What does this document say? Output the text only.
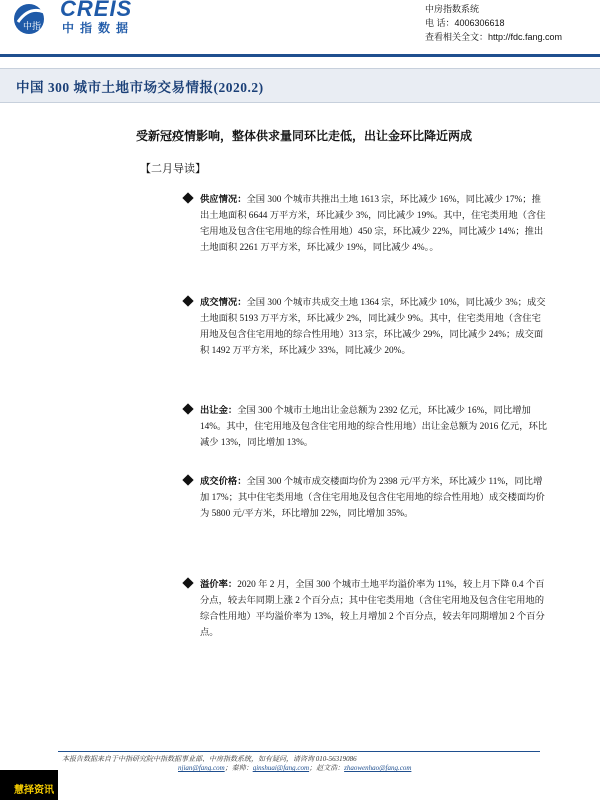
中指
CREIS
中指数据
中房指数系统
电 话：4006306618
查看相关全文：http://fdc.fang.com
中国 300 城市土地市场交易情报(2020.2)
受新冠疫情影响，整体供求量同环比走低，出让金环比降近两成
【二月导读】
供应情况：全国 300 个城市共推出土地 1613 宗，环比减少 16%，同比减少 17%；推出土地面积 6644 万平方米，环比减少 3%，同比减少 19%。其中，住宅类用地（含住宅用地及包含住宅用地的综合性用地）450 宗，环比减少 22%，同比减少 14%；推出土地面积 2261 万平方米，环比减少 19%，同比减少 4%。。
成交情况：全国 300 个城市共成交土地 1364 宗，环比减少 10%，同比减少 3%；成交土地面积 5193 万平方米，环比减少 2%，同比减少 9%。其中，住宅类用地（含住宅用地及包含住宅用地的综合性用地）313 宗，环比减少 29%，同比减少 24%；成交面积 1492 万平方米，环比减少 33%，同比减少 20%。
出让金：全国 300 个城市土地出让金总额为 2392 亿元，环比减少 16%，同比增加 14%。其中，住宅用地及包含住宅用地的综合性用地）出让金总额为 2016 亿元，环比减少 13%，同比增加 13%。
成交价格：全国 300 个城市成交楼面均价为 2398 元/平方米，环比减少 11%，同比增加 17%；其中住宅类用地（含住宅用地及包含住宅用地的综合性用地）成交楼面均价为 5800 元/平方米，环比增加 22%，同比增加 35%。
溢价率：2020 年 2 月，全国 300 个城市土地平均溢价率为 11%，较上月下降 0.4 个百分点，较去年同期上涨 2 个百分点；其中住宅类用地（含住宅用地及包含住宅用地的综合性用地）平均溢价率为 13%，较上月增加 2 个百分点，较去年同期增加 2 个百分点。
本报告数据来自于中指研究院中指数据事业部、中房指数系统，如有疑问，请咨询 010-56319086
njian@fang.com；秦帅：qinshuai@fang.com；赵文浩：zhaowenhao@fang.com
慧择资讯
